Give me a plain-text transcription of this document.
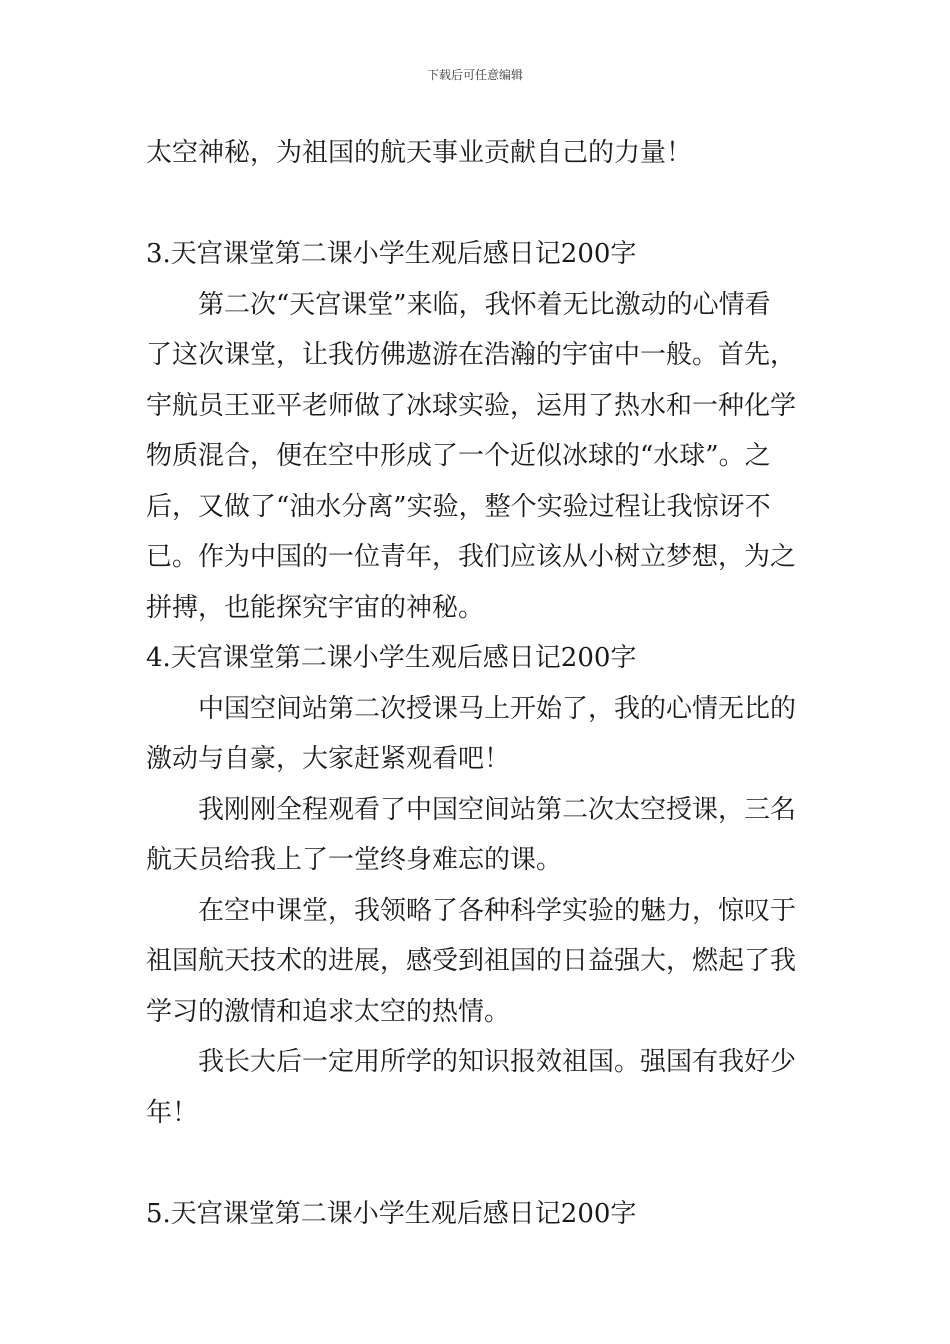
下载后可任意编辑
太空神秘，为祖国的航天事业贡献自己的力量！
3.天宫课堂第二课小学生观后感日记200字
第二次“天宫课堂”来临，我怀着无比激动的心情看
了这次课堂，让我仿佛遨游在浩瀚的宇宙中一般。首先，
宇航员王亚平老师做了冰球实验，运用了热水和一种化学
物质混合，便在空中形成了一个近似冰球的“水球”。之
后，又做了“油水分离”实验，整个实验过程让我惊讶不
已。作为中国的一位青年，我们应该从小树立梦想，为之
拼搏，也能探究宇宙的神秘。
4.天宫课堂第二课小学生观后感日记200字
中国空间站第二次授课马上开始了，我的心情无比的
激动与自豪，大家赶紧观看吧！
我刚刚全程观看了中国空间站第二次太空授课，三名
航天员给我上了一堂终身难忘的课。
在空中课堂，我领略了各种科学实验的魅力，惊叹于
祖国航天技术的进展，感受到祖国的日益强大，燃起了我
学习的激情和追求太空的热情。
我长大后一定用所学的知识报效祖国。强国有我好少
年！
5.天宫课堂第二课小学生观后感日记200字
